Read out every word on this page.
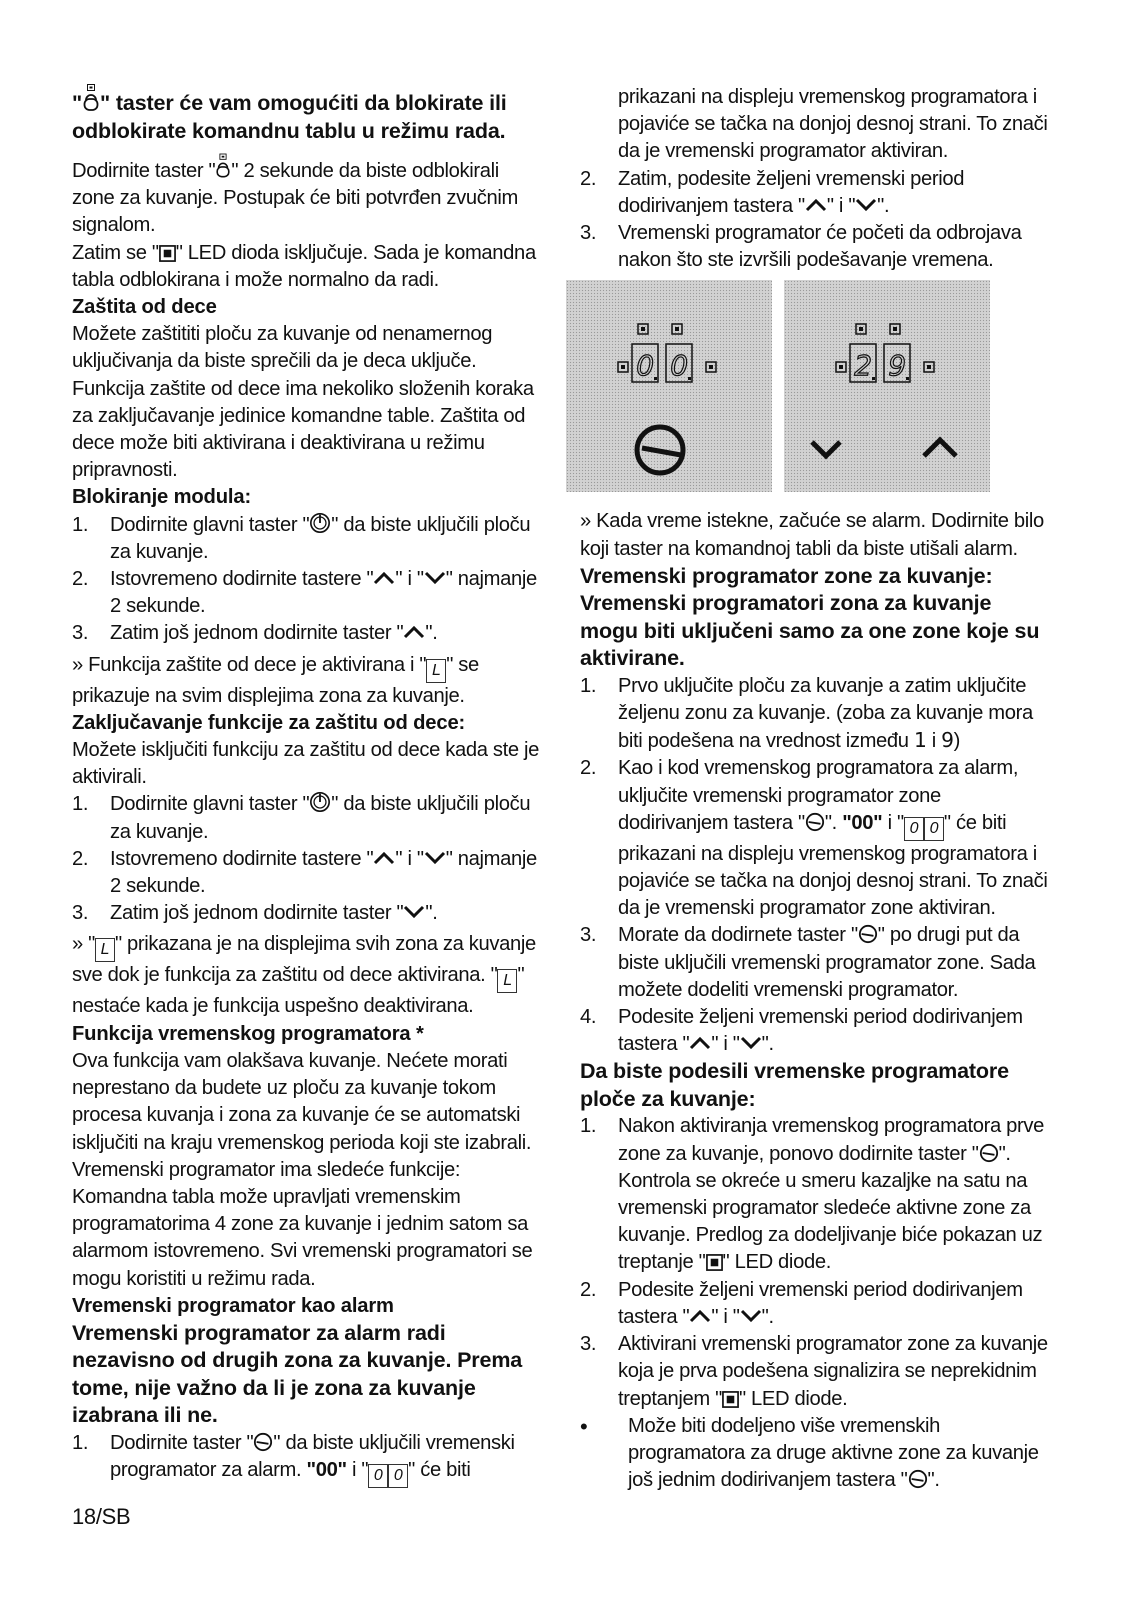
" " taster će vam omogućiti da blokirate ili odblokirate komandnu tablu u režimu rada.

Dodirnite taster " " 2 sekunde da biste odblokirali zone za kuvanje. Postupak će biti potvrđen zvučnim signalom.

Zatim se " " LED dioda isključuje. Sada je komandna tabla odblokirana i može normalno da radi.

Zaštita od dece

Možete zaštititi ploču za kuvanje od nenamernog uključivanja da biste sprečili da je deca uključe. Funkcija zaštite od dece ima nekoliko složenih koraka za zaključavanje jedinice komandne table. Zaštita od dece može biti aktivirana i deaktivirana u režimu pripravnosti.

Blokiranje modula:

1. Dodirnite glavni taster " " da biste uključili ploču za kuvanje.
2. Istovremeno dodirnite tastere " " i " " najmanje 2 sekunde.
3. Zatim još jednom dodirnite taster " ".

» Funkcija zaštite od dece je aktivirana i " L " se prikazuje na svim displejima zona za kuvanje.

Zaključavanje funkcije za zaštitu od dece:

Možete isključiti funkciju za zaštitu od dece kada ste je aktivirali.

1. Dodirnite glavni taster " " da biste uključili ploču za kuvanje.
2. Istovremeno dodirnite tastere " " i " " najmanje 2 sekunde.
3. Zatim još jednom dodirnite taster " ".

» " L " prikazana je na displejima svih zona za kuvanje sve dok je funkcija za zaštitu od dece aktivirana. " L " nestaće kada je funkcija uspešno deaktivirana.

Funkcija vremenskog programatora *

Ova funkcija vam olakšava kuvanje. Nećete morati neprestano da budete uz ploču za kuvanje tokom procesa kuvanja i zona za kuvanje će se automatski isključiti na kraju vremenskog perioda koji ste izabrali. Vremenski programator ima sledeće funkcije: Komandna tabla može upravljati vremenskim programatorima 4 zone za kuvanje i jednim satom sa alarmom istovremeno. Svi vremenski programatori se mogu koristiti u režimu rada.

Vremenski programator kao alarm

Vremenski programator za alarm radi nezavisno od drugih zona za kuvanje. Prema tome, nije važno da li je zona za kuvanje izabrana ili ne.

1. Dodirnite taster " " da biste uključili vremenski programator za alarm. "00" i " 0 0 " će biti

prikazani na displeju vremenskog programatora i pojaviće se tačka na donjoj desnoj strani. To znači da je vremenski programator aktiviran.

2. Zatim, podesite željeni vremenski period dodirivanjem tastera " " i " ".
3. Vremenski programator će početi da odbrojava nakon što ste izvršili podešavanje vremena.
0 0	2 9

» Kada vreme istekne, začuće se alarm. Dodirnite bilo koji taster na komandnoj tabli da biste utišali alarm.

Vremenski programator zone za kuvanje:

Vremenski programatori zona za kuvanje mogu biti uključeni samo za one zone koje su aktivirane.

1. Prvo uključite ploču za kuvanje a zatim uključite željenu zonu za kuvanje. (zoba za kuvanje mora biti podešena na vrednost između 1 i 9)
2. Kao i kod vremenskog programatora za alarm, uključite vremenski programator zone dodirivanjem tastera " ". "00" i " 0 0 " će biti prikazani na displeju vremenskog programatora i pojaviće se tačka na donjoj desnoj strani. To znači da je vremenski programator zone aktiviran.
3. Morate da dodirnete taster " " po drugi put da biste uključili vremenski programator zone. Sada možete dodeliti vremenski programator.
4. Podesite željeni vremenski period dodirivanjem tastera " " i " ".

Da biste podesili vremenske programatore ploče za kuvanje:

1. Nakon aktiviranja vremenskog programatora prve zone za kuvanje, ponovo dodirnite taster " ". Kontrola se okreće u smeru kazaljke na satu na vremenski programator sledeće aktivne zone za kuvanje. Predlog za dodeljivanje biće pokazan uz treptanje " " LED diode.
2. Podesite željeni vremenski period dodirivanjem tastera " " i " ".
3. Aktivirani vremenski programator zone za kuvanje koja je prva podešena signalizira se neprekidnim treptanjem " " LED diode.

• Može biti dodeljeno više vremenskih programatora za druge aktivne zone za kuvanje još jednim dodirivanjem tastera " ".

18/SB
